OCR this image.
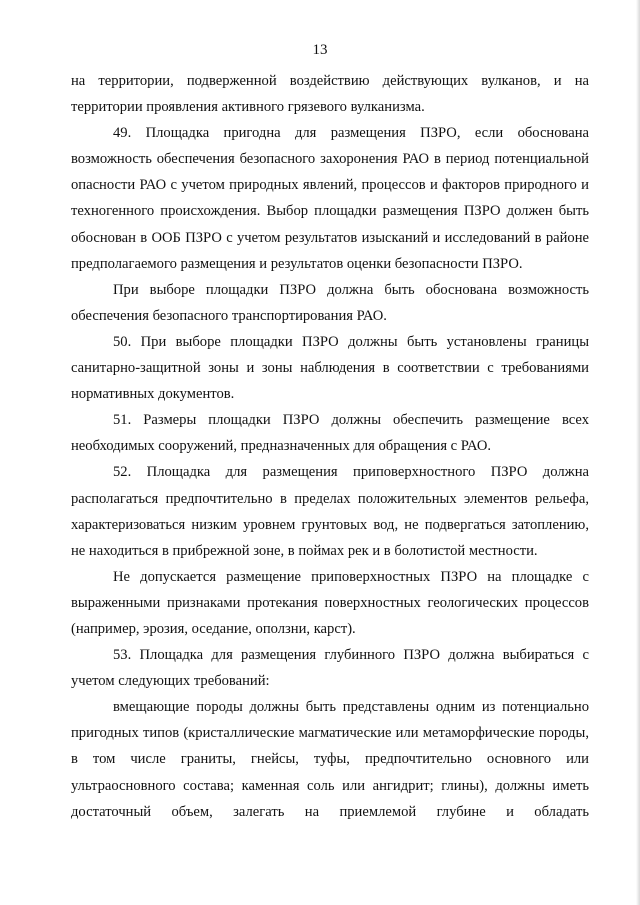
13

на территории, подверженной воздействию действующих вулканов, и на территории проявления активного грязевого вулканизма.

49. Площадка пригодна для размещения ПЗРО, если обоснована возможность обеспечения безопасного захоронения РАО в период потенциальной опасности РАО с учетом природных явлений, процессов и факторов природного и техногенного происхождения. Выбор площадки размещения ПЗРО должен быть обоснован в ООБ ПЗРО с учетом результатов изысканий и исследований в районе предполагаемого размещения и результатов оценки безопасности ПЗРО.

При выборе площадки ПЗРО должна быть обоснована возможность обеспечения безопасного транспортирования РАО.

50. При выборе площадки ПЗРО должны быть установлены границы санитарно-защитной зоны и зоны наблюдения в соответствии с требованиями нормативных документов.

51. Размеры площадки ПЗРО должны обеспечить размещение всех необходимых сооружений, предназначенных для обращения с РАО.

52. Площадка для размещения приповерхностного ПЗРО должна располагаться предпочтительно в пределах положительных элементов рельефа, характеризоваться низким уровнем грунтовых вод, не подвергаться затоплению, не находиться в прибрежной зоне, в поймах рек и в болотистой местности.

Не допускается размещение приповерхностных ПЗРО на площадке с выраженными признаками протекания поверхностных геологических процессов (например, эрозия, оседание, оползни, карст).

53. Площадка для размещения глубинного ПЗРО должна выбираться с учетом следующих требований:

вмещающие породы должны быть представлены одним из потенциально пригодных типов (кристаллические магматические или метаморфические породы, в том числе граниты, гнейсы, туфы, предпочтительно основного или ультраосновного состава; каменная соль или ангидрит; глины), должны иметь достаточный объем, залегать на приемлемой глубине и обладать
